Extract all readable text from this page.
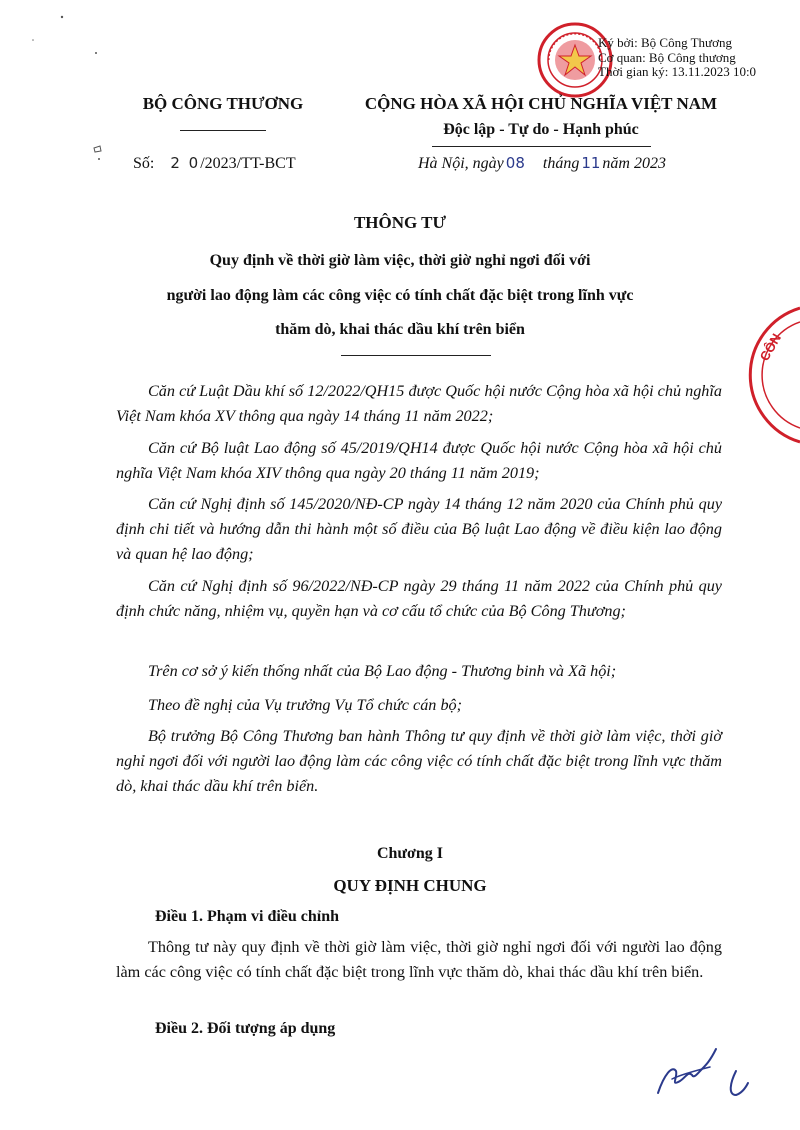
Ký bởi: Bộ Công Thương
Cơ quan: Bộ Công thương
Thời gian ký: 13.11.2023 10:0
CÔN
BỘ CÔNG THƯƠNG	CỘNG HÒA XÃ HỘI CHỦ NGHĨA VIỆT NAM
Độc lập - Tự do - Hạnh phúc
Số: 2 0/2023/TT-BCT	Hà Nội, ngày 08 tháng 11 năm 2023
THÔNG TƯ
Quy định về thời giờ làm việc, thời giờ nghỉ ngơi đối với
người lao động làm các công việc có tính chất đặc biệt trong lĩnh vực
thăm dò, khai thác dầu khí trên biển
Căn cứ Luật Dầu khí số 12/2022/QH15 được Quốc hội nước Cộng hòa xã hội chủ nghĩa Việt Nam khóa XV thông qua ngày 14 tháng 11 năm 2022;
Căn cứ Bộ luật Lao động số 45/2019/QH14 được Quốc hội nước Cộng hòa xã hội chủ nghĩa Việt Nam khóa XIV thông qua ngày 20 tháng 11 năm 2019;
Căn cứ Nghị định số 145/2020/NĐ-CP ngày 14 tháng 12 năm 2020 của Chính phủ quy định chi tiết và hướng dẫn thi hành một số điều của Bộ luật Lao động về điều kiện lao động và quan hệ lao động;
Căn cứ Nghị định số 96/2022/NĐ-CP ngày 29 tháng 11 năm 2022 của Chính phủ quy định chức năng, nhiệm vụ, quyền hạn và cơ cấu tổ chức của Bộ Công Thương;
Trên cơ sở ý kiến thống nhất của Bộ Lao động - Thương binh và Xã hội;
Theo đề nghị của Vụ trưởng Vụ Tổ chức cán bộ;
Bộ trưởng Bộ Công Thương ban hành Thông tư quy định về thời giờ làm việc, thời giờ nghỉ ngơi đối với người lao động làm các công việc có tính chất đặc biệt trong lĩnh vực thăm dò, khai thác dầu khí trên biển.
Chương I
QUY ĐỊNH CHUNG
Điều 1. Phạm vi điều chỉnh
Thông tư này quy định về thời giờ làm việc, thời giờ nghỉ ngơi đối với người lao động làm các công việc có tính chất đặc biệt trong lĩnh vực thăm dò, khai thác dầu khí trên biển.
Điều 2. Đối tượng áp dụng
